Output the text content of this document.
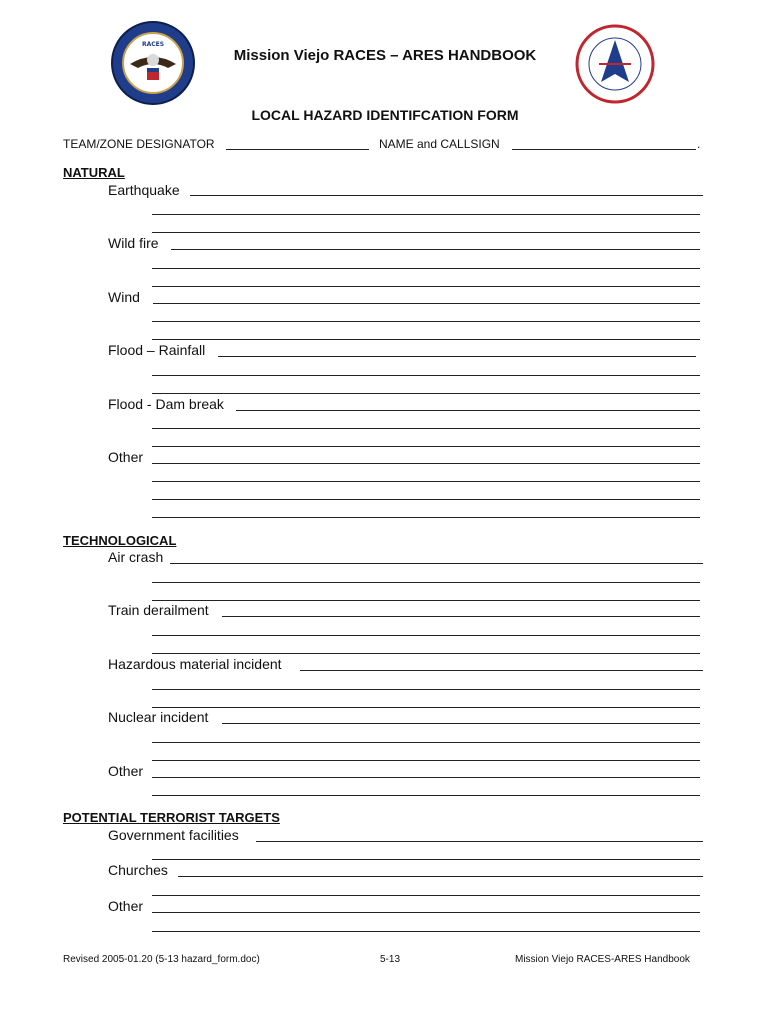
RACES
Mission Viejo RACES – ARES HANDBOOK
LOCAL HAZARD IDENTIFCATION FORM
TEAM/ZONE DESIGNATOR	NAME and CALLSIGN	.
NATURAL
Earthquake
Wild fire
Wind
Flood – Rainfall
Flood - Dam break
Other
TECHNOLOGICAL
Air crash
Train derailment
Hazardous material incident
Nuclear incident
Other
POTENTIAL TERRORIST TARGETS
Government facilities
Churches
Other
Revised 2005-01.20 (5-13 hazard_form.doc)	5-13	Mission Viejo RACES-ARES Handbook
